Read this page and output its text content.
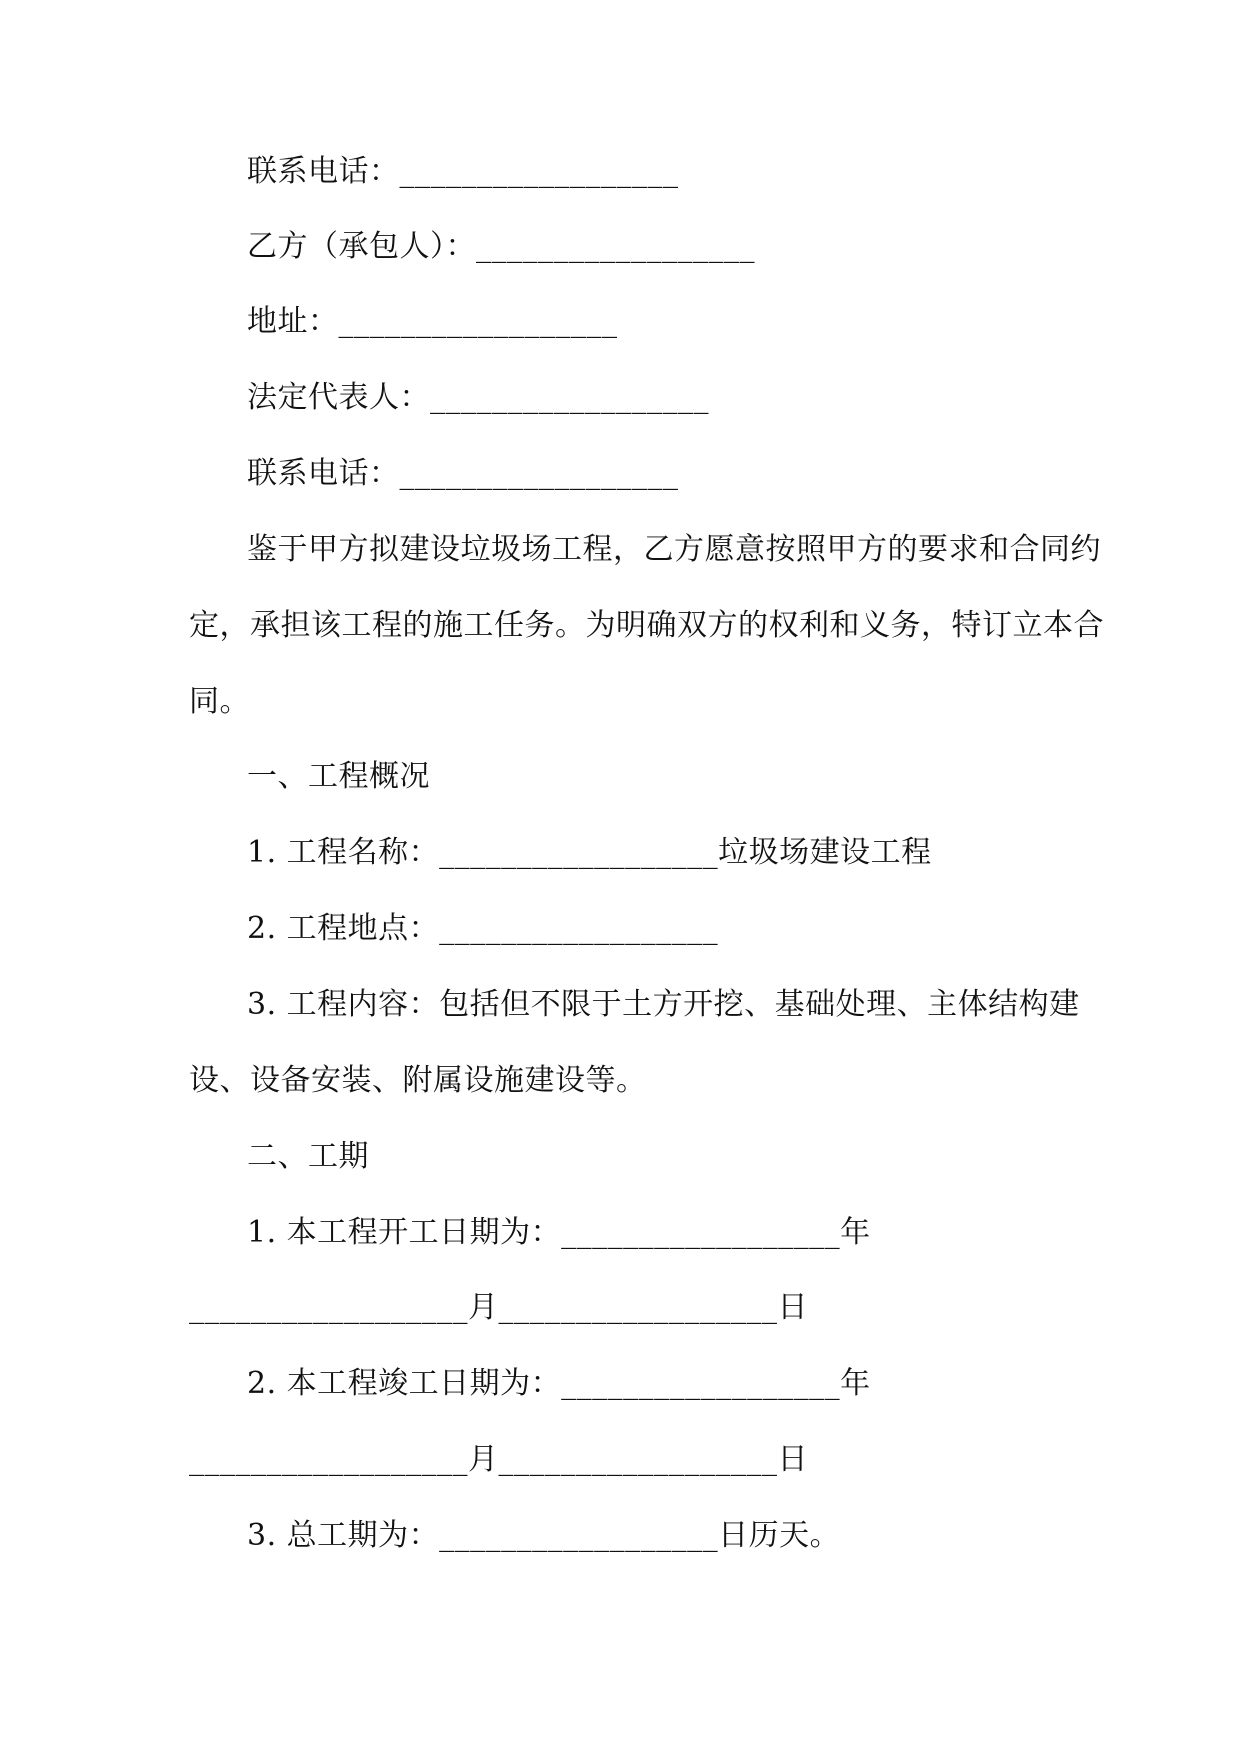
联系电话：__________________
乙方（承包人）：__________________
地址：__________________
法定代表人：__________________
联系电话：__________________
鉴于甲方拟建设垃圾场工程，乙方愿意按照甲方的要求和合同约
定，承担该工程的施工任务。为明确双方的权利和义务，特订立本合
同。
一、工程概况
1. 工程名称：__________________垃圾场建设工程
2. 工程地点：__________________
3. 工程内容：包括但不限于土方开挖、基础处理、主体结构建
设、设备安装、附属设施建设等。
二、工期
1. 本工程开工日期为：__________________年
__________________月__________________日
2. 本工程竣工日期为：__________________年
__________________月__________________日
3. 总工期为：__________________日历天。
